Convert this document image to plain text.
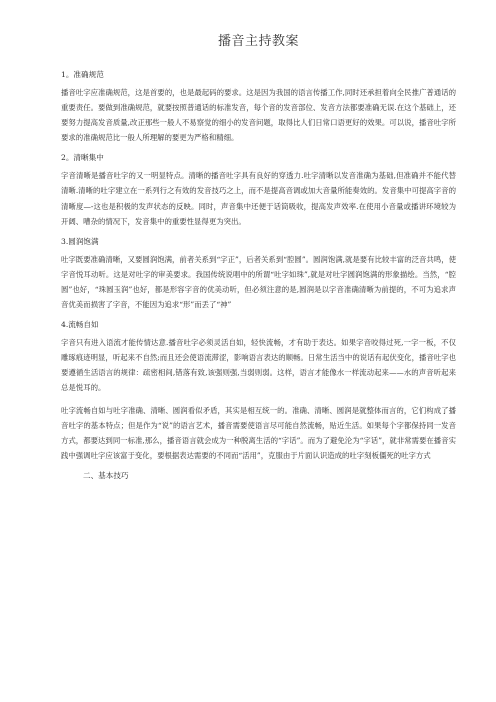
播音主持教案
1。准确规范

播音吐字应准确规范，这是首要的，也是最起码的要求。这是因为我国的语言传播工作,同时还承担着向全民推广普通话的重要责任。要做到准确规范，就要按照普通话的标准发音，每个音的发音部位、发音方法都要准确无误.在这个基础上，还要努力提高发音质量,改正那些一般人不易察觉的细小的发音问题，取得比人们日常口语更好的效果。可以说，播音吐字所要求的准确规范比一般人所理解的要更为严格和精细。

2。清晰集中

字音清晰是播音吐字的又一明显特点。清晰的播音吐字具有良好的穿透力.吐字清晰以发音准确为基础,但准确并不能代替清晰.清晰的吐字建立在一系列行之有效的发音技巧之上，而不是提高音调或加大音量所能奏效的。发音集中可提高字音的清晰度—-这也是积极的发声状态的反映。同时，声音集中还便于话筒吸收，提高发声效率.在使用小音量或播讲环境较为开阔、嘈杂的情况下，发音集中的重要性显得更为突出。

3.圆润饱满

吐字既要准确清晰，又要圆润饱满，前者关系到“字正”，后者关系到“腔圆”。圆润饱满,就是要有比较丰富的泛音共鸣，使字音悦耳动听。这是对吐字的审美要求。我国传统说唱中的所谓“吐字如珠”,就是对吐字圆润饱满的形象描绘。当然，“腔圆”也好，“珠圆玉润”也好，都是形容字音的优美动听，但必须注意的是,圆润是以字音准确清晰为前提的，不可为追求声音优美而损害了字音，不能因为追求“形”而丢了“神”

4.流畅自如

字音只有进入语流才能传情达意.播音吐字必须灵活自如，轻快流畅，才有助于表达。如果字音咬得过死,一字一板，不仅雕琢痕迹明显，听起来不自然;而且还会使语流滞涩，影响语言表达的顺畅。日常生活当中的说话有起伏变化，播音吐字也要遵循生活语言的规律：疏密相间,错落有致,该强则强,当弱则弱。这样，语言才能像水一样流动起来——水的声音听起来总是悦耳的。

吐字流畅自如与吐字准确、清晰、圆润看似矛盾，其实是相互统一的。准确、清晰、圆润是就整体而言的，它们构成了播音吐字的基本特点；但是作为“说”的语言艺术，播音需要使语言尽可能自然流畅，贴近生活。如果每个字都保持同一发音方式，都要达到同一标准,那么，播音语言就会成为一种脱离生活的“字话”。而为了避免沦为“字话”，就非常需要在播音实践中强调吐字应该富于变化，要根据表达需要的不同而“活用”，克服由于片面认识造成的吐字刻板僵死的吐字方式

二、基本技巧
